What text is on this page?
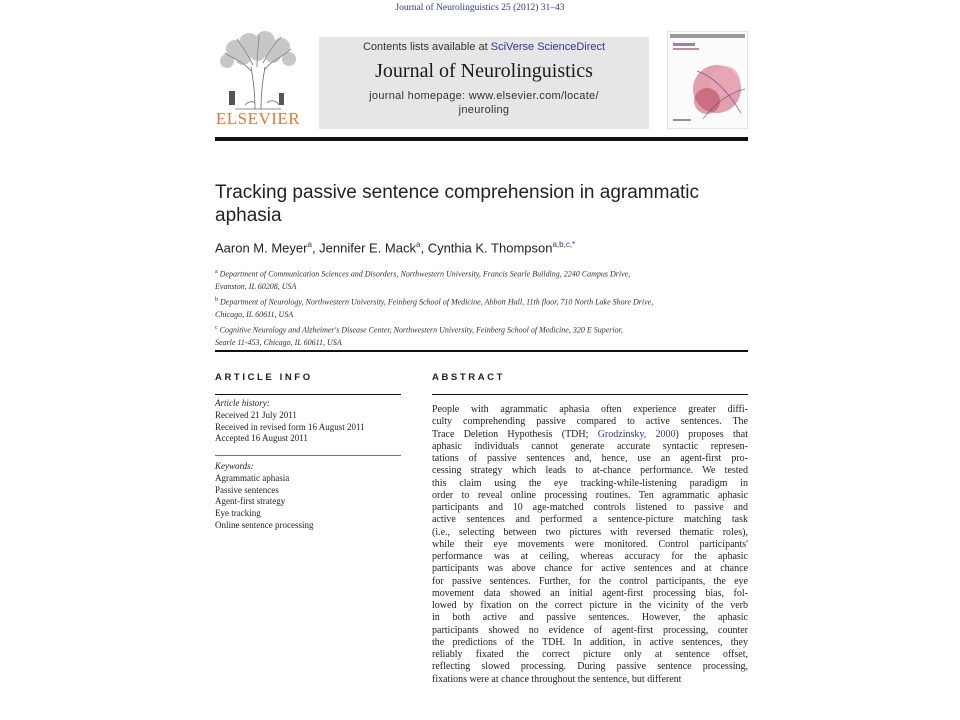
Journal of Neurolinguistics 25 (2012) 31–43
ELSEVIER
Contents lists available at SciVerse ScienceDirect
Journal of Neurolinguistics
journal homepage: www.elsevier.com/locate/
jneuroling
Tracking passive sentence comprehension in agrammatic
aphasia
Aaron M. Meyer$^a$, Jennifer E. Mack$^a$, Cynthia K. Thompson$^{a,b,c,*}$
$^a$ Department of Communication Sciences and Disorders, Northwestern University, Francis Searle Building, 2240 Campus Drive,
Evanston, IL 60208, USA
$^b$ Department of Neurology, Northwestern University, Feinberg School of Medicine, Abbott Hall, 11th floor, 710 North Lake Shore Drive,
Chicago, IL 60611, USA
$^c$ Cognitive Neurology and Alzheimer's Disease Center, Northwestern University, Feinberg School of Medicine, 320 E Superior,
Searle 11-453, Chicago, IL 60611, USA
ARTICLE INFO	ABSTRACT
Article history:
Received 21 July 2011
Received in revised form 16 August 2011
Accepted 16 August 2011
Keywords:
Agrammatic aphasia
Passive sentences
Agent-first strategy
Eye tracking
Online sentence processing
People with agrammatic aphasia often experience greater diffi-
culty comprehending passive compared to active sentences. The
Trace Deletion Hypothesis (TDH; Grodzinsky, 2000) proposes that
aphasic individuals cannot generate accurate syntactic represen-
tations of passive sentences and, hence, use an agent-first pro-
cessing strategy which leads to at-chance performance. We tested
this claim using the eye tracking-while-listening paradigm in
order to reveal online processing routines. Ten agrammatic aphasic
participants and 10 age-matched controls listened to passive and
active sentences and performed a sentence-picture matching task
(i.e., selecting between two pictures with reversed thematic roles),
while their eye movements were monitored. Control participants'
performance was at ceiling, whereas accuracy for the aphasic
participants was above chance for active sentences and at chance
for passive sentences. Further, for the control participants, the eye
movement data showed an initial agent-first processing bias, fol-
lowed by fixation on the correct picture in the vicinity of the verb
in both active and passive sentences. However, the aphasic
participants showed no evidence of agent-first processing, counter
the predictions of the TDH. In addition, in active sentences, they
reliably fixated the correct picture only at sentence offset,
reflecting slowed processing. During passive sentence processing,
fixations were at chance throughout the sentence, but different
